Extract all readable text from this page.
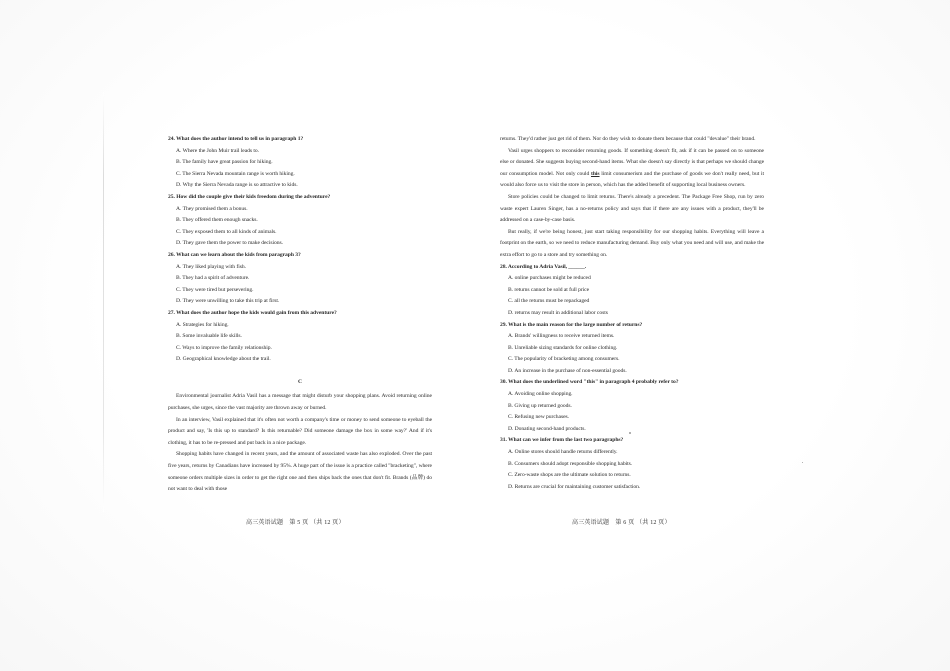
24. What does the author intend to tell us in paragraph 1?
A. Where the John Muir trail leads to.
B. The family have great passion for hiking.
C. The Sierra Nevada mountain range is worth hiking.
D. Why the Sierra Nevada range is so attractive to kids.
25. How did the couple give their kids freedom during the adventure?
A. They promised them a bonus.
B. They offered them enough snacks.
C. They exposed them to all kinds of animals.
D. They gave them the power to make decisions.
26. What can we learn about the kids from paragraph 3?
A. They liked playing with fish.
B. They had a spirit of adventure.
C. They were tired but persevering.
D. They were unwilling to take this trip at first.
27. What does the author hope the kids would gain from this adventure?
A. Strategies for hiking.
B. Some invaluable life skills.
C. Ways to improve the family relationship.
D. Geographical knowledge about the trail.
C
Environmental journalist Adria Vasil has a message that might disturb your shopping plans. Avoid returning online purchases, she urges, since the vast majority are thrown away or burned.
In an interview, Vasil explained that it's often not worth a company's time or money to send someone to eyeball the product and say, 'Is this up to standard? Is this returnable? Did someone damage the box in some way?' And if it's clothing, it has to be re-pressed and put back in a nice package.
Shopping habits have changed in recent years, and the amount of associated waste has also exploded. Over the past five years, returns by Canadians have increased by 95%. A huge part of the issue is a practice called "bracketing", where someone orders multiple sizes in order to get the right one and then ships back the ones that don't fit. Brands (品牌) do not want to deal with those
高三英语试题　第 5 页 （共 12 页）
returns. They'd rather just get rid of them. Nor do they wish to donate them because that could "devalue" their brand.
Vasil urges shoppers to reconsider returning goods. If something doesn't fit, ask if it can be passed on to someone else or donated. She suggests buying second-hand items. What she doesn't say directly is that perhaps we should change our consumption model. Not only could this limit consumerism and the purchase of goods we don't really need, but it would also force us to visit the store in person, which has the added benefit of supporting local business owners.
Store policies could be changed to limit returns. There's already a precedent. The Package Free Shop, run by zero waste expert Lauren Singer, has a no-returns policy and says that if there are any issues with a product, they'll be addressed on a case-by-case basis.
But really, if we're being honest, just start taking responsibility for our shopping habits. Everything will leave a footprint on the earth, so we need to reduce manufacturing demand. Buy only what you need and will use, and make the extra effort to go to a store and try something on.
28. According to Adria Vasil, ______.
A. online purchases might be reduced
B. returns cannot be sold at full price
C. all the returns must be repackaged
D. returns may result in additional labor costs
29. What is the main reason for the large number of returns?
A. Brands' willingness to receive returned items.
B. Unreliable sizing standards for online clothing.
C. The popularity of bracketing among consumers.
D. An increase in the purchase of non-essential goods.
30. What does the underlined word "this" in paragraph 4 probably refer to?
A. Avoiding online shopping.
B. Giving up returned goods.
C. Refusing new purchases.
D. Donating second-hand products.
31. What can we infer from the last two paragraphs?
A. Online stores should handle returns differently.
B. Consumers should adopt responsible shopping habits.
C. Zero-waste shops are the ultimate solution to returns.
D. Returns are crucial for maintaining customer satisfaction.
高三英语试题　第 6 页 （共 12 页）
